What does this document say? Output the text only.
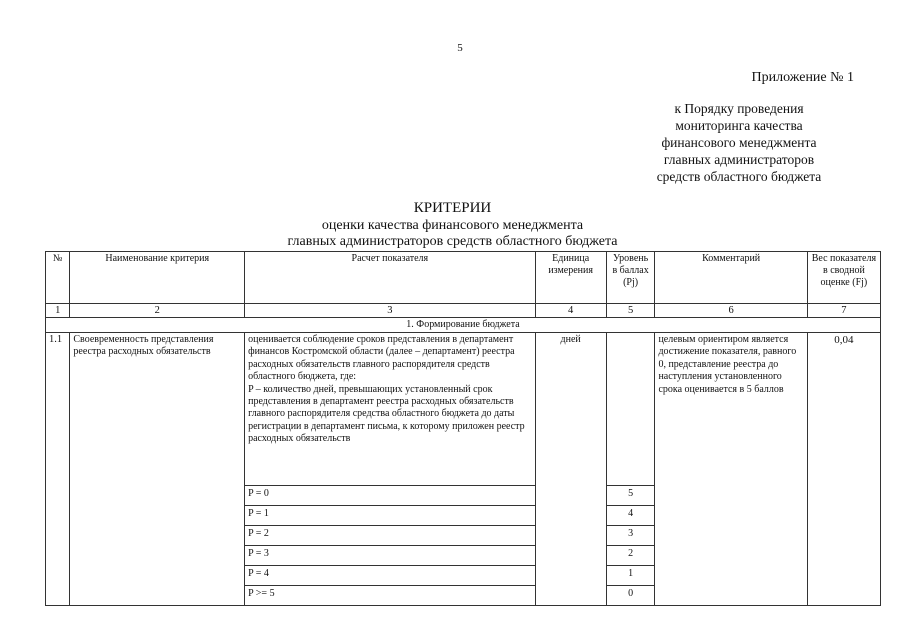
5
Приложение № 1
к Порядку проведения
мониторинга качества
финансового менеджмента
главных администраторов
средств областного бюджета
КРИТЕРИИ
оценки качества финансового менеджмента
главных администраторов средств областного бюджета
№	Наименование критерия	Расчет показателя	Единица измерения	Уровень в баллах (Pj)	Комментарий	Вес показателя в сводной оценке (Fj)
1	2	3	4	5	6	7
1. Формирование бюджета						
1.1	Своевременность представления реестра расходных обязательств	оценивается соблюдение сроков представления в департамент финансов Костромской области (далее – департамент) реестра расходных обязательств главного распорядителя средств областного бюджета, где:
P – количество дней, превышающих установленный срок представления в департамент реестра расходных обязательств главного распорядителя средства областного бюджета до даты регистрации в департамент письма, к которому приложен реестр расходных обязательств	дней		целевым ориентиром является достижение показателя, равного 0, представление реестра до наступления установленного срока оценивается в 5 баллов	0,04
		P = 0		5		
		P = 1		4		
		P = 2		3		
		P = 3		2		
		P = 4		1		
		P >= 5		0		
